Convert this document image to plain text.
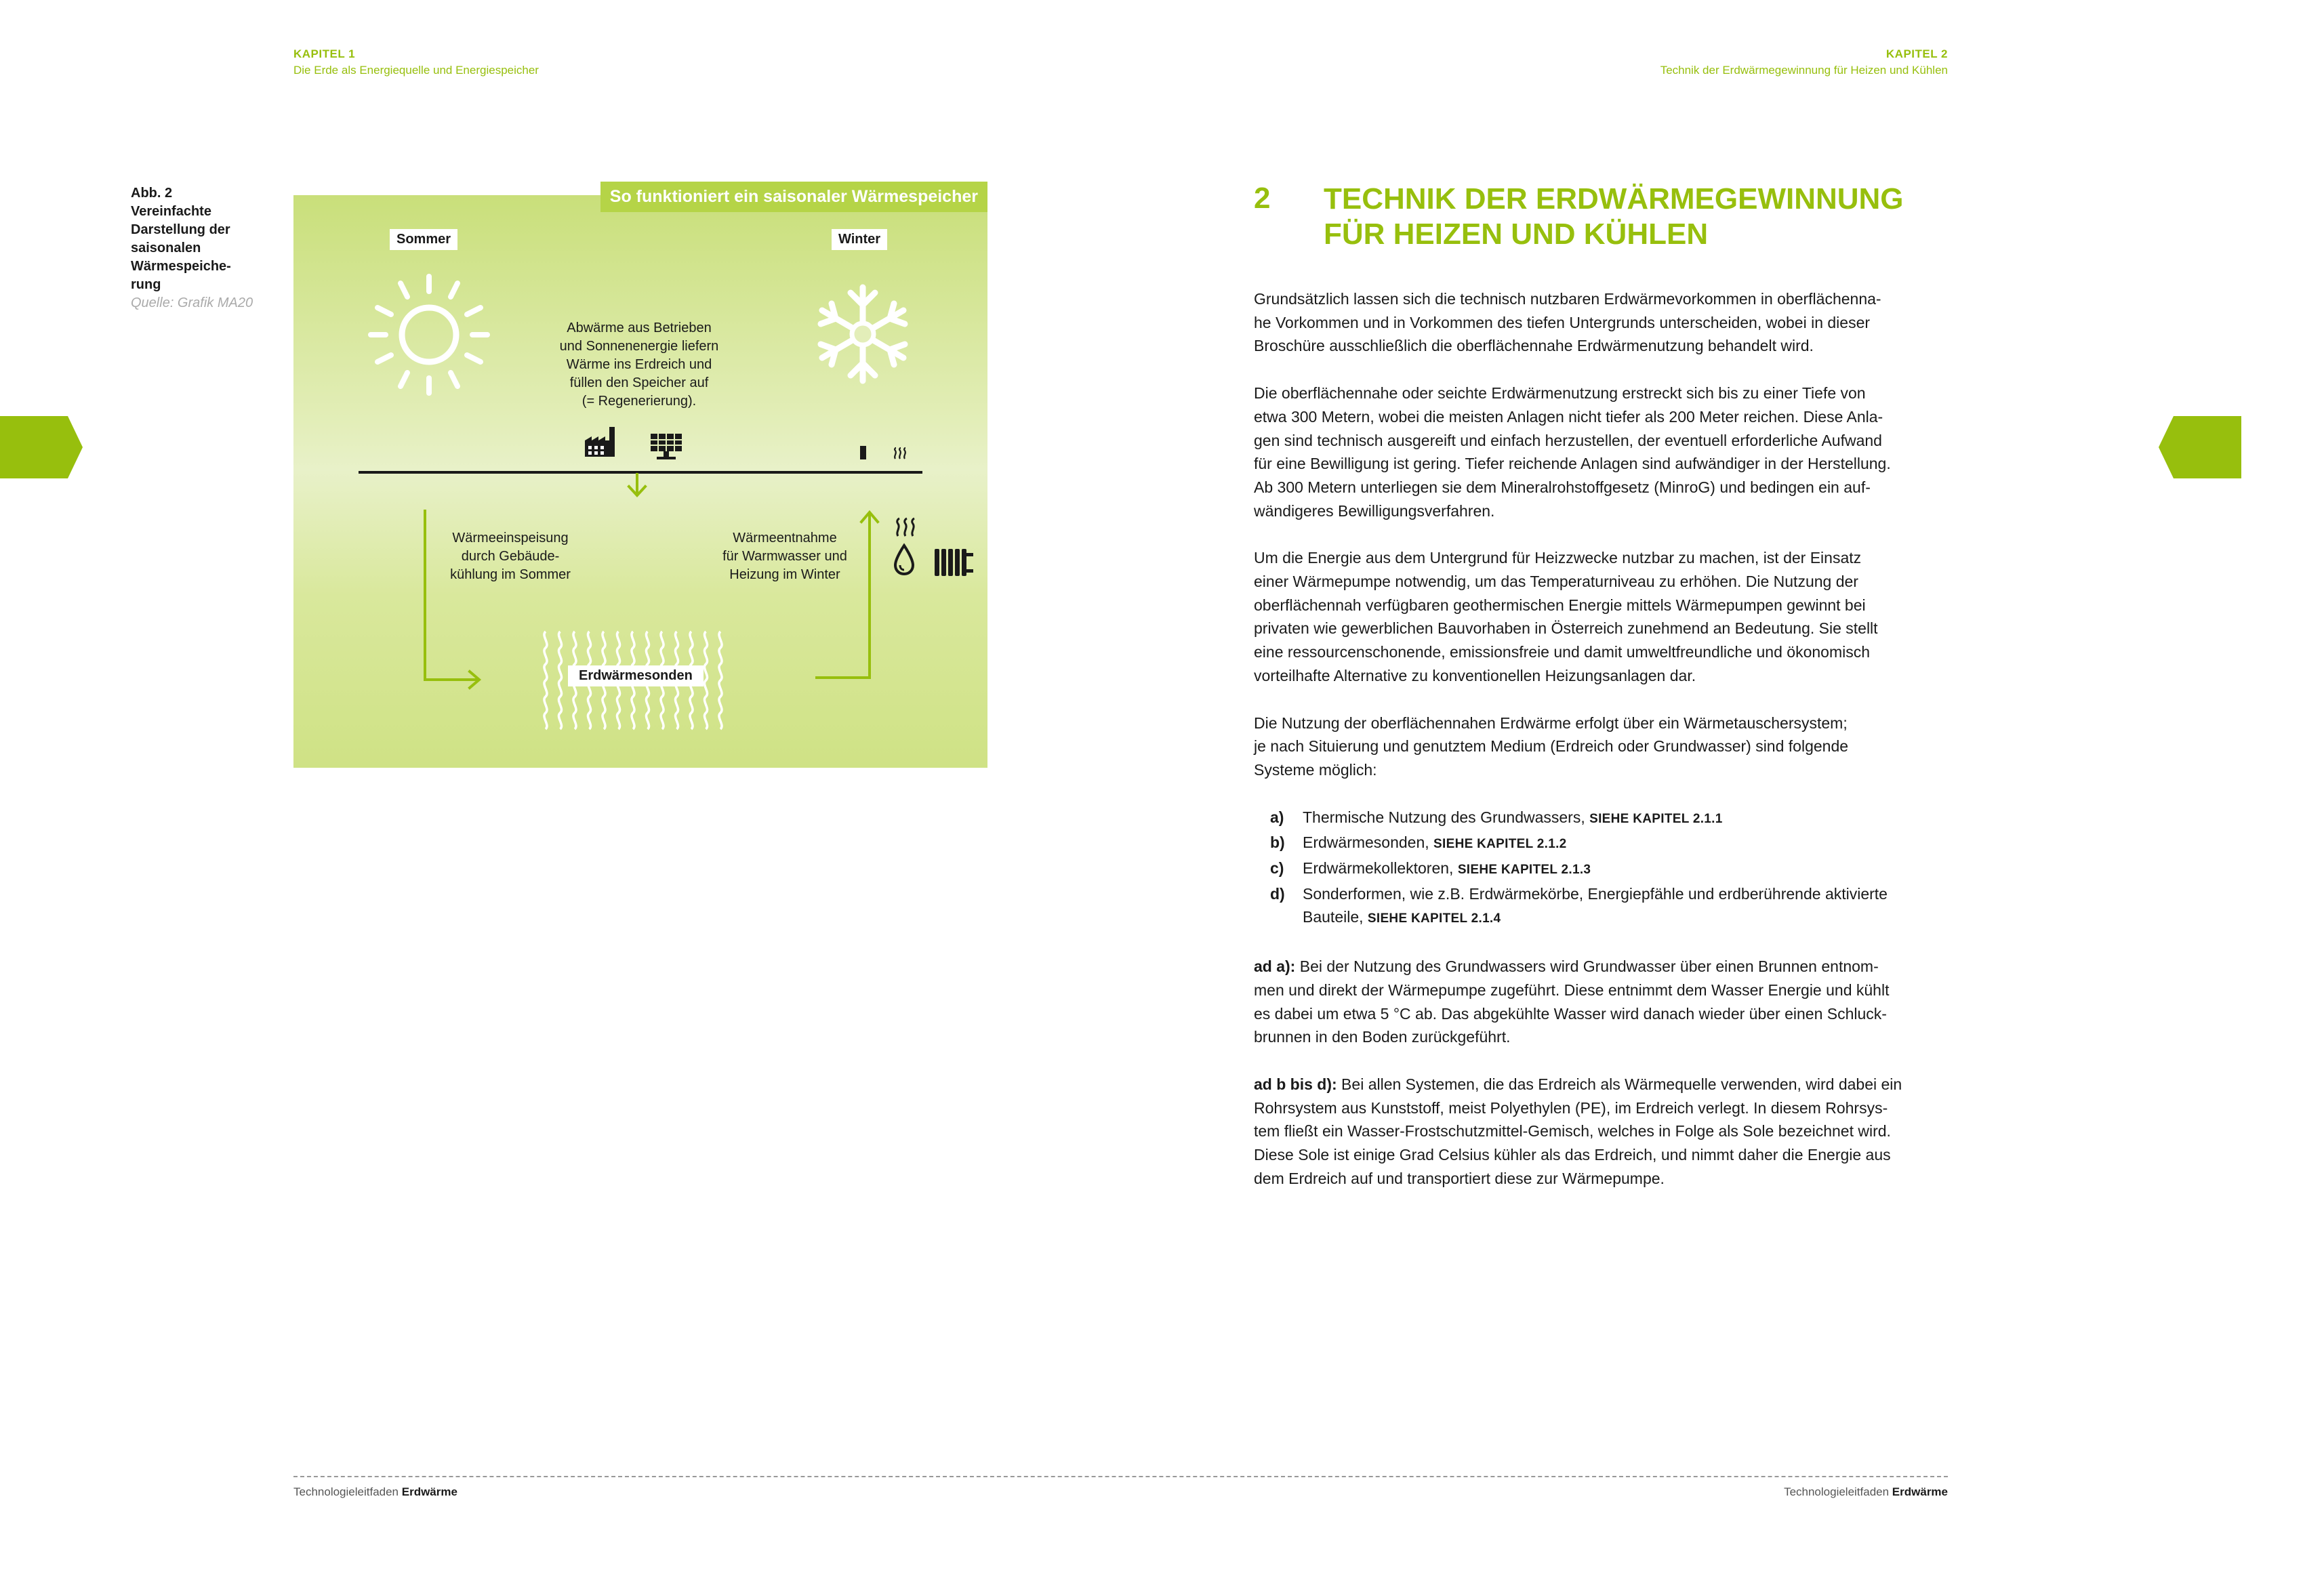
KAPITEL 1
Die Erde als Energiequelle und Energiespeicher
KAPITEL 2
Technik der Erdwärmegewinnung für Heizen und Kühlen
10	11
Abb. 2
Vereinfachte
Darstellung der
saisonalen
Wärmespeiche-
rung
Quelle: Grafik MA20
So funktioniert ein saisonaler Wärmespeicher
Sommer	Winter
Abwärme aus Betrieben
und Sonnenenergie liefern
Wärme ins Erdreich und
füllen den Speicher auf
(= Regenerierung).
Wärmeeinspeisung
durch Gebäude-
kühlung im Sommer
Wärmeentnahme
für Warmwasser und
Heizung im Winter
Erdwärmesonden
2 TECHNIK DER ERDWÄRMEGEWINNUNG
FÜR HEIZEN UND KÜHLEN

Grundsätzlich lassen sich die technisch nutzbaren Erdwärmevorkommen in oberflächenna-
he Vorkommen und in Vorkommen des tiefen Untergrunds unterscheiden, wobei in dieser
Broschüre ausschließlich die oberflächennahe Erdwärmenutzung behandelt wird.

Die oberflächennahe oder seichte Erdwärmenutzung erstreckt sich bis zu einer Tiefe von
etwa 300 Metern, wobei die meisten Anlagen nicht tiefer als 200 Meter reichen. Diese Anla-
gen sind technisch ausgereift und einfach herzustellen, der eventuell erforderliche Aufwand
für eine Bewilligung ist gering. Tiefer reichende Anlagen sind aufwändiger in der Herstellung.
Ab 300 Metern unterliegen sie dem Mineralrohstoffgesetz (MinroG) und bedingen ein auf-
wändigeres Bewilligungsverfahren.

Um die Energie aus dem Untergrund für Heizzwecke nutzbar zu machen, ist der Einsatz
einer Wärmepumpe notwendig, um das Temperaturniveau zu erhöhen. Die Nutzung der
oberflächennah verfügbaren geothermischen Energie mittels Wärmepumpen gewinnt bei
privaten wie gewerblichen Bauvorhaben in Österreich zunehmend an Bedeutung. Sie stellt
eine ressourcenschonende, emissionsfreie und damit umweltfreundliche und ökonomisch
vorteilhafte Alternative zu konventionellen Heizungsanlagen dar.

Die Nutzung der oberflächennahen Erdwärme erfolgt über ein Wärmetauschersystem;
je nach Situierung und genutztem Medium (Erdreich oder Grundwasser) sind folgende
Systeme möglich:

a)	Thermische Nutzung des Grundwassers, SIEHE KAPITEL 2.1.1
b)	Erdwärmesonden, SIEHE KAPITEL 2.1.2
c)	Erdwärmekollektoren, SIEHE KAPITEL 2.1.3
d)	Sonderformen, wie z.B. Erdwärmekörbe, Energiepfähle und erdberührende aktivierte
Bauteile, SIEHE KAPITEL 2.1.4

ad a): Bei der Nutzung des Grundwassers wird Grundwasser über einen Brunnen entnom-
men und direkt der Wärmepumpe zugeführt. Diese entnimmt dem Wasser Energie und kühlt
es dabei um etwa 5 °C ab. Das abgekühlte Wasser wird danach wieder über einen Schluck-
brunnen in den Boden zurückgeführt.

ad b bis d): Bei allen Systemen, die das Erdreich als Wärmequelle verwenden, wird dabei ein
Rohrsystem aus Kunststoff, meist Polyethylen (PE), im Erdreich verlegt. In diesem Rohrsys-
tem fließt ein Wasser-Frostschutzmittel-Gemisch, welches in Folge als Sole bezeichnet wird.
Diese Sole ist einige Grad Celsius kühler als das Erdreich, und nimmt daher die Energie aus
dem Erdreich auf und transportiert diese zur Wärmepumpe.

Technologieleitfaden Erdwärme	Technologieleitfaden Erdwärme
